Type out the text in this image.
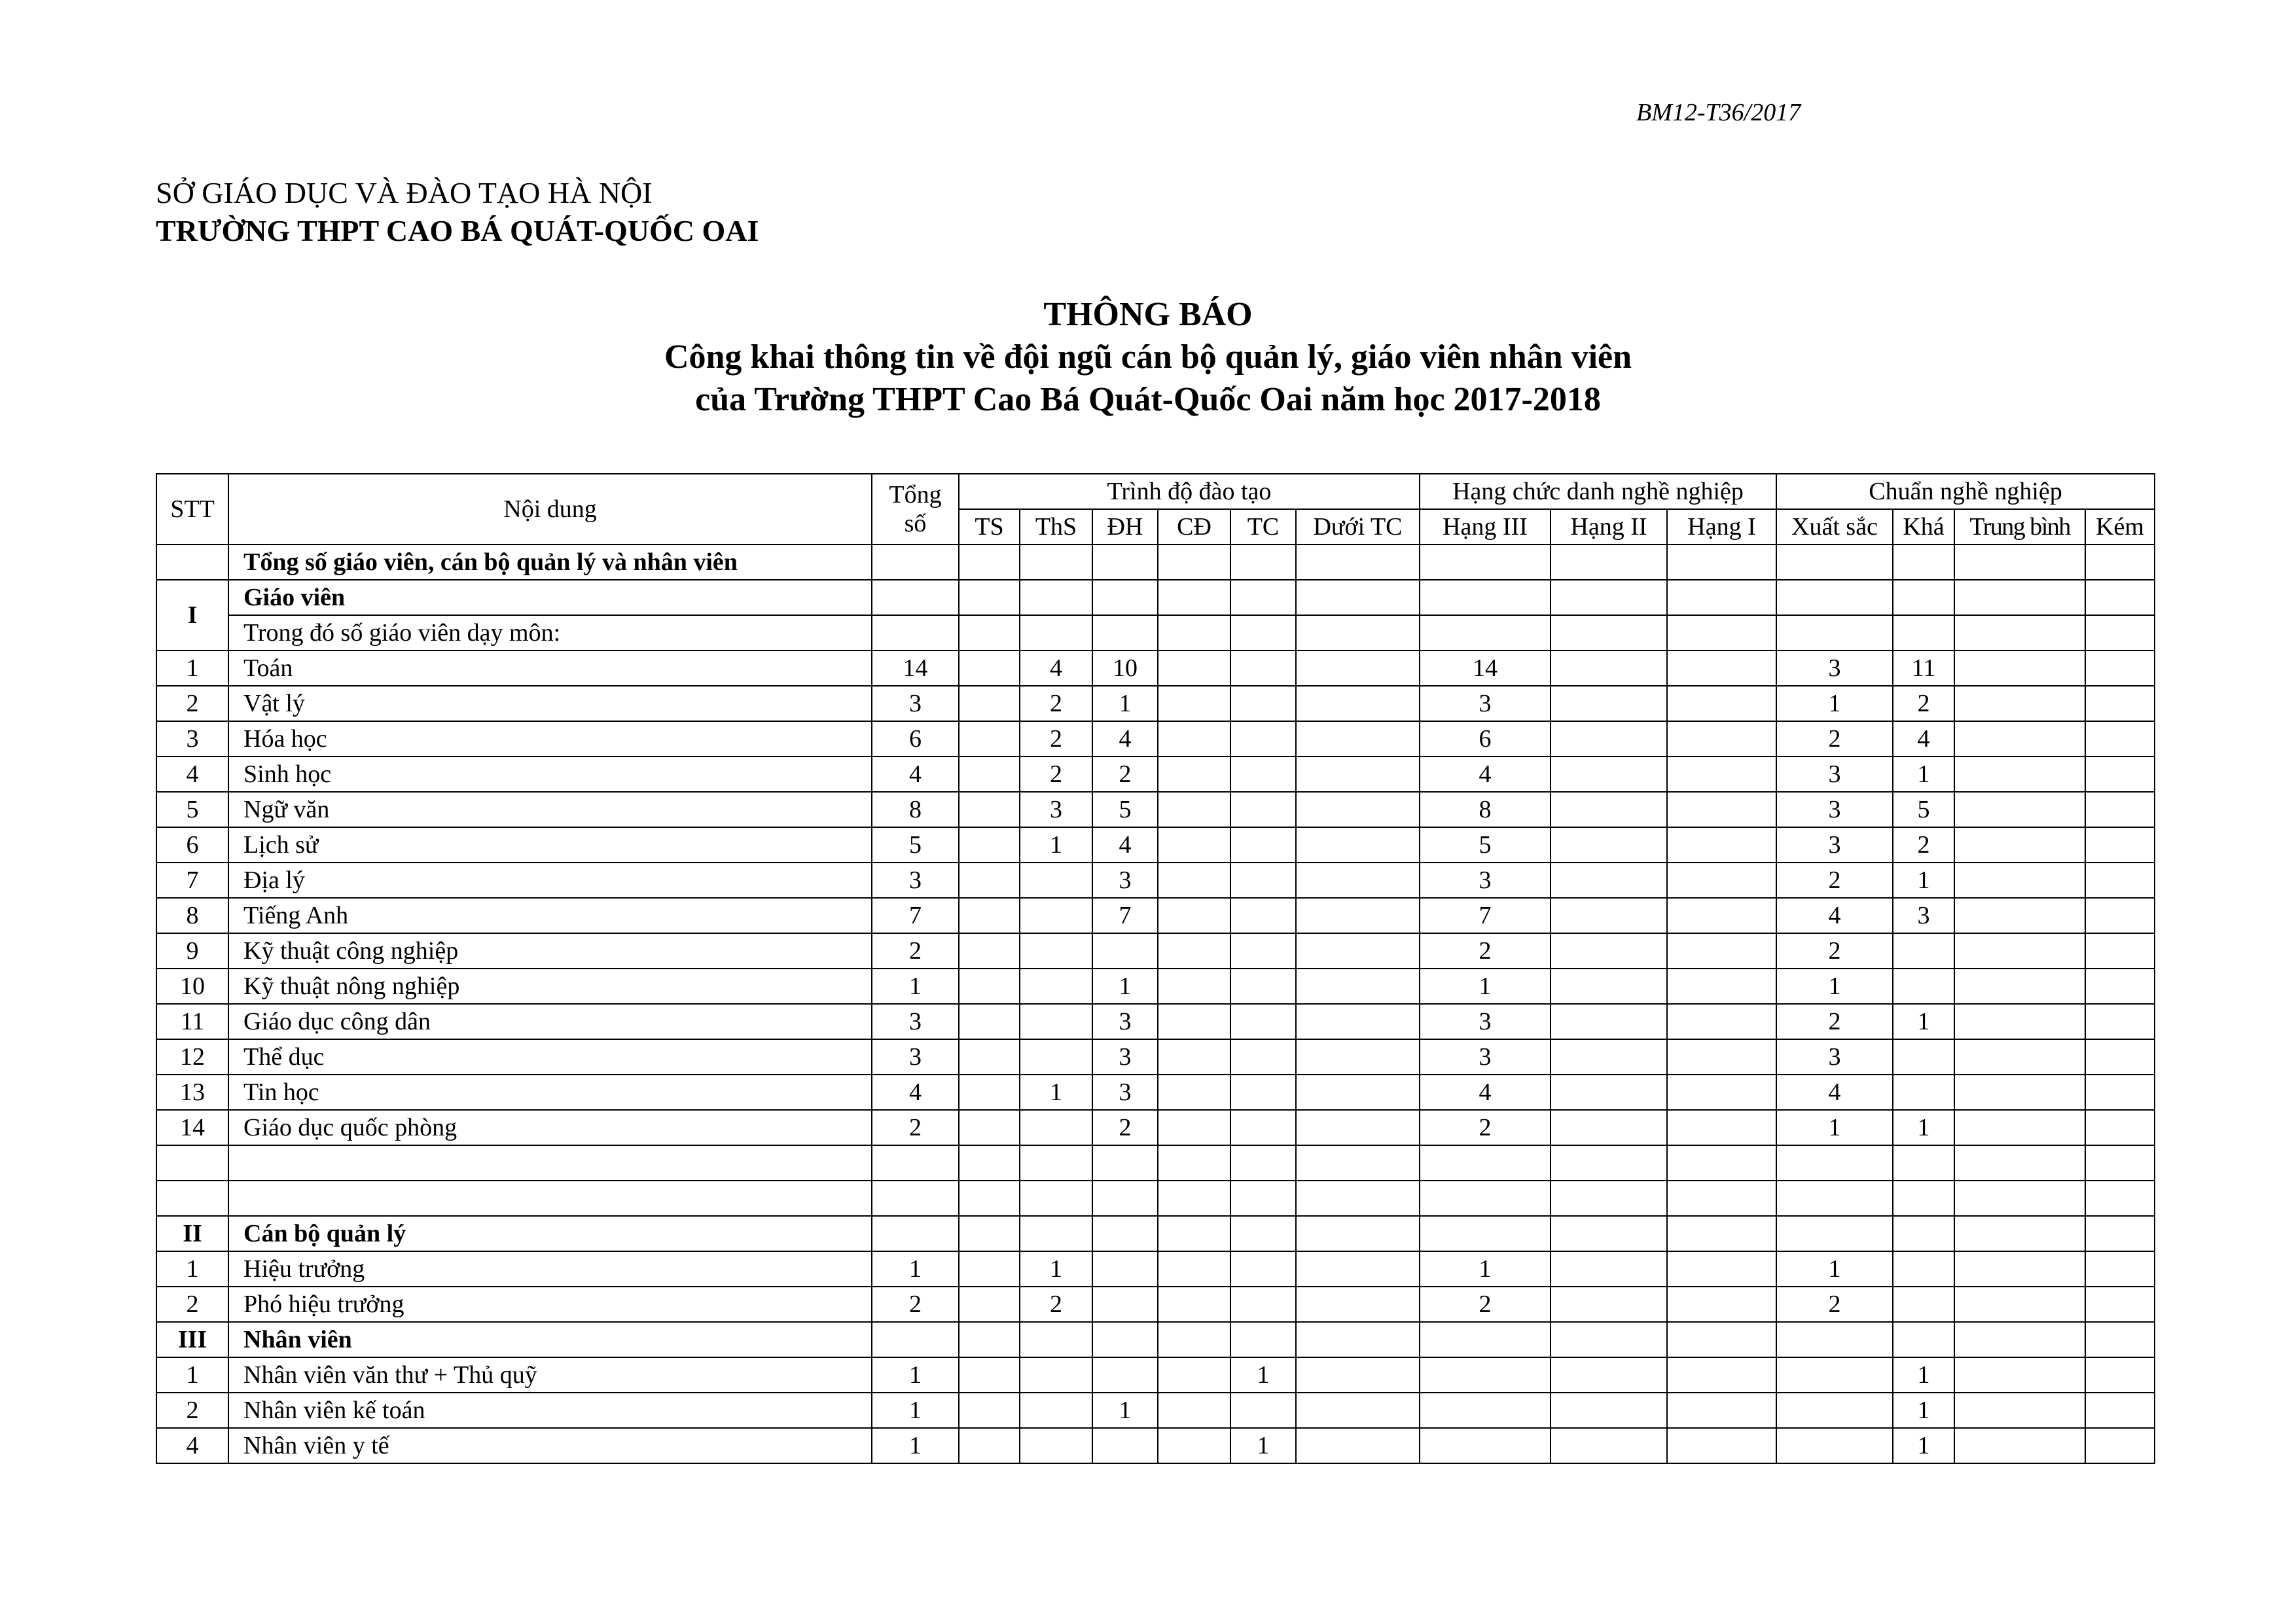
BM12-T36/2017
SỞ GIÁO DỤC VÀ ĐÀO TẠO HÀ NỘI
TRƯỜNG THPT CAO BÁ QUÁT-QUỐC OAI
THÔNG BÁO
Công khai thông tin về đội ngũ cán bộ quản lý, giáo viên nhân viên
của Trường THPT Cao Bá Quát-Quốc Oai năm học 2017-2018
STT	Nội dung	Tổng số	Trình độ đào tạo						Hạng chức danh nghề nghiệp			Chuẩn nghề nghiệp			
			TS	ThS	ĐH	CĐ	TC	Dưới TC	Hạng III	Hạng II	Hạng I	Xuất sắc	Khá	Trung bình	Kém
	Tổng số giáo viên, cán bộ quản lý và nhân viên														
I	Giáo viên														
	Trong đó số giáo viên dạy môn:														
1	Toán	14		4	10				14			3	11		
2	Vật lý	3		2	1				3			1	2		
3	Hóa học	6		2	4				6			2	4		
4	Sinh học	4		2	2				4			3	1		
5	Ngữ văn	8		3	5				8			3	5		
6	Lịch sử	5		1	4				5			3	2		
7	Địa lý	3			3				3			2	1		
8	Tiếng Anh	7			7				7			4	3		
9	Kỹ thuật công nghiệp	2							2			2			
10	Kỹ thuật nông nghiệp	1			1				1			1			
11	Giáo dục công dân	3			3				3			2	1		
12	Thể dục	3			3				3			3			
13	Tin học	4		1	3				4			4			
14	Giáo dục quốc phòng	2			2				2			1	1		

II	Cán bộ quản lý														
1	Hiệu trưởng	1		1					1			1			
2	Phó hiệu trưởng	2		2					2			2			
III	Nhân viên														
1	Nhân viên văn thư + Thủ quỹ	1					1						1		
2	Nhân viên kế toán	1			1								1		
4	Nhân viên y tế	1					1						1		
